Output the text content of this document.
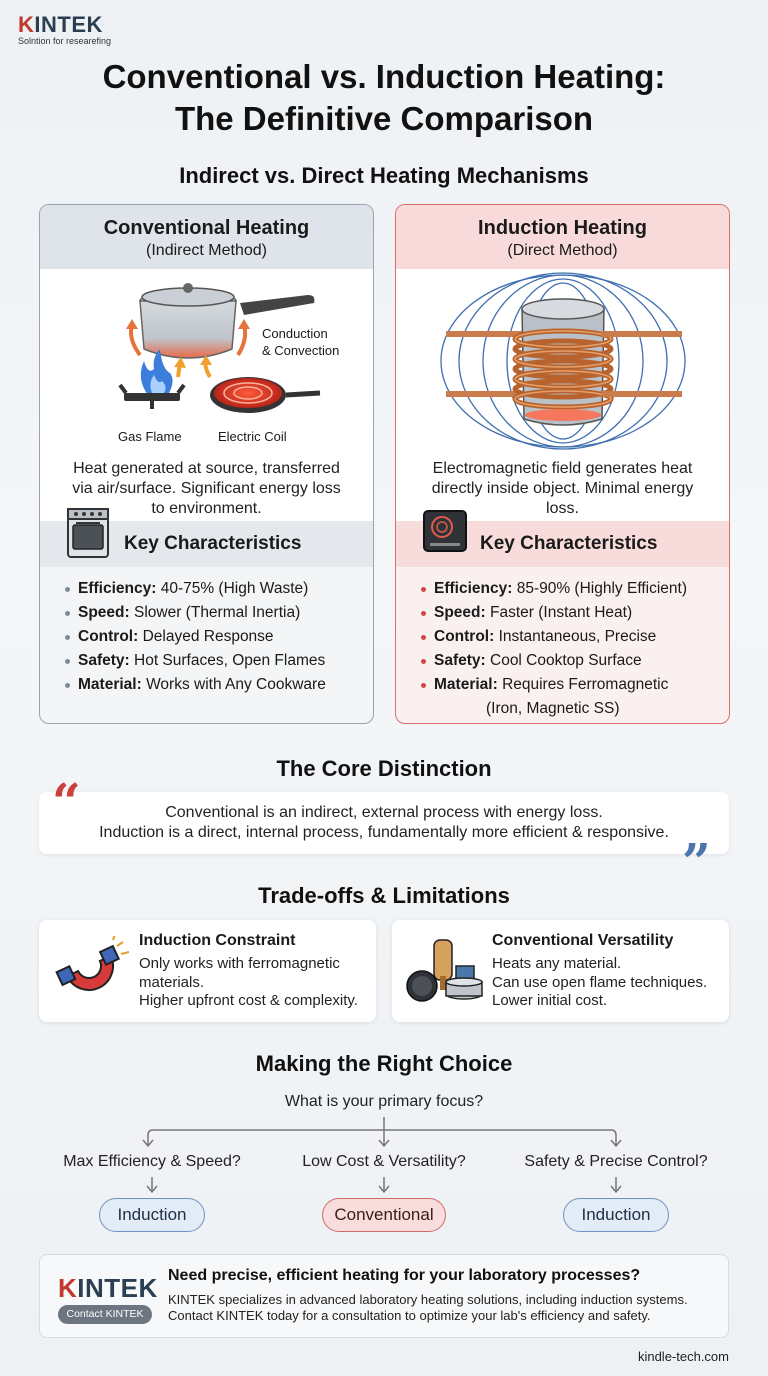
KINTEK
Solntion for researefing
Conventional vs. Induction Heating:
The Definitive Comparison
Indirect vs. Direct Heating Mechanisms
Conventional Heating
(Indirect Method)
Conduction
& Convection
Gas Flame	Electric Coil
Heat generated at source, transferred
via air/surface. Significant energy loss
to environment.
Key Characteristics
Efficiency: 40-75% (High Waste)
Speed: Slower (Thermal Inertia)
Control: Delayed Response
Safety: Hot Surfaces, Open Flames
Material: Works with Any Cookware
Induction Heating
(Direct Method)
Electromagnetic field generates heat
directly inside object. Minimal energy
loss.
Key Characteristics
Efficiency: 85-90% (Highly Efficient)
Speed: Faster (Instant Heat)
Control: Instantaneous, Precise
Safety: Cool Cooktop Surface
Material: Requires Ferromagnetic
(Iron, Magnetic SS)
The Core Distinction
Conventional is an indirect, external process with energy loss.
Induction is a direct, internal process, fundamentally more efficient & responsive.
“
”
Trade-offs & Limitations
Induction Constraint
Only works with ferromagnetic
materials.
Higher upfront cost & complexity.
Conventional Versatility
Heats any material.
Can use open flame techniques.
Lower initial cost.
Making the Right Choice
What is your primary focus?
Max Efficiency & Speed?	Low Cost & Versatility?	Safety & Precise Control?
Induction	Conventional	Induction
KINTEK
Contact KINTEK
Need precise, efficient heating for your laboratory processes?
KINTEK specializes in advanced laboratory heating solutions, including induction systems.
Contact KINTEK today for a consultation to optimize your lab's efficiency and safety.
kindle-tech.com
